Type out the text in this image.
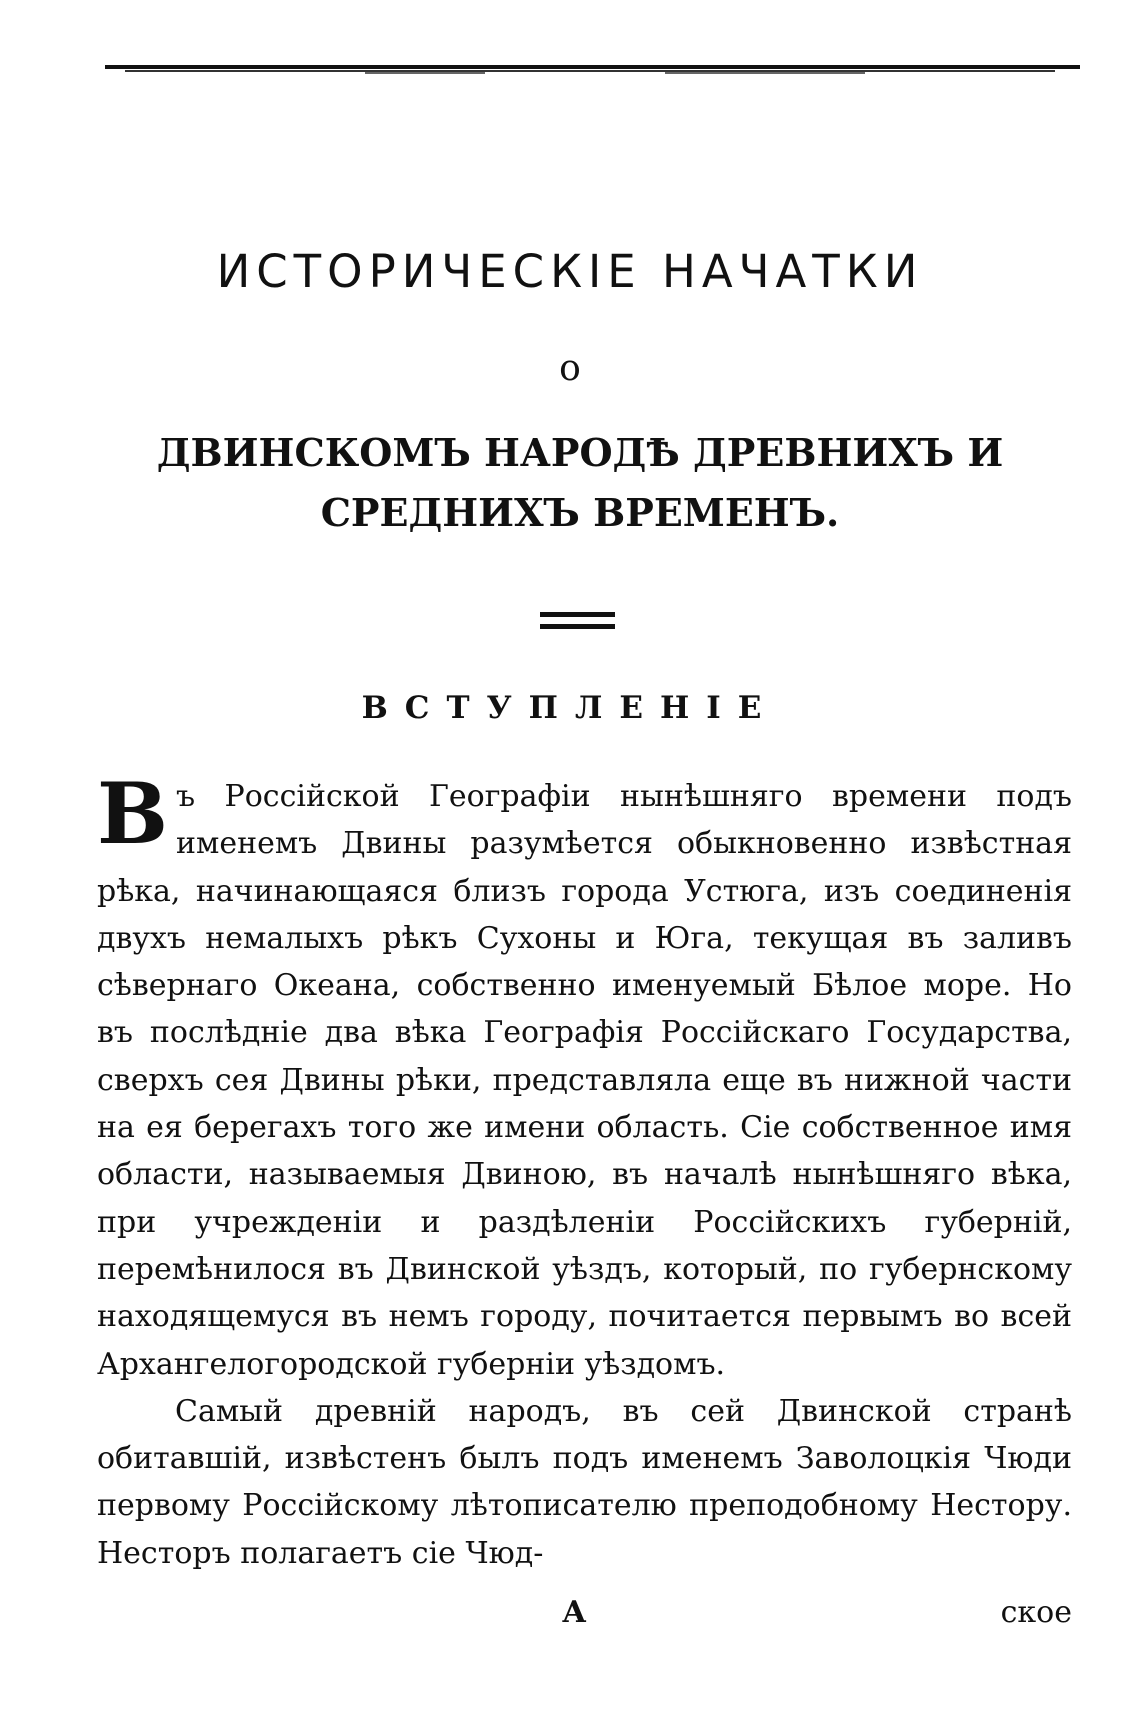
ИСТОРИЧЕСКІЕ НАЧАТКИ
о
ДВИНСКОМЪ НАРОДѢ ДРЕВНИХЪ И СРЕДНИХЪ ВРЕМЕНЪ.
ВСТУПЛЕНІЕ

Въ Россійской Географіи нынѣшняго времени подъ именемъ Двины разумѣется обыкновенно извѣстная рѣка, начинающаяся близъ города Устюга, изъ соединенія двухъ немалыхъ рѣкъ Сухоны и Юга, текущая въ заливъ сѣвернаго Океана, собственно именуемый Бѣлое море. Но въ послѣдніе два вѣка Географія Россійскаго Государства, сверхъ сея Двины рѣки, представляла еще въ нижной части на ея берегахъ того же имени область. Сіе собственное имя области, называемыя Двиною, въ началѣ нынѣшняго вѣка, при учрежденіи и раздѣленіи Россійскихъ губерній, перемѣнилося въ Двинской уѣздъ, который, по губернскому находящемуся въ немъ городу, почитается первымъ во всей Архангелогородской губерніи уѣздомъ.

Самый древній народъ, въ сей Двинской странѣ обитавшій, извѣстенъ былъ подъ именемъ Заволоцкія Чюди первому Россійскому лѣтописателю преподобному Нестору. Несторъ полагаетъ сіе Чюд-

А	ское
